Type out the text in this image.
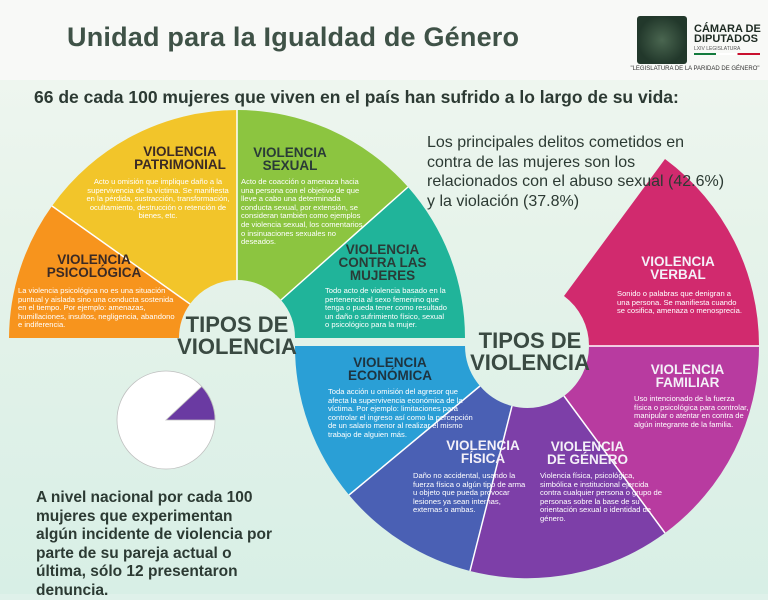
Unidad para la Igualdad de Género	CÁMARA DE DIPUTADOS
LXIV LEGISLATURA
"LEGISLATURA DE LA PARIDAD DE GÉNERO"
66 de cada 100 mujeres que viven en el país han sufrido a lo largo de su vida:
TIPOS DE VIOLENCIA	TIPOS DE VIOLENCIA
VIOLENCIA PSICOLÓGICA
La violencia psicológica no es una situación puntual y aislada sino una conducta sostenida en el tiempo. Por ejemplo: amenazas, humillaciones, insultos, negligencia, abandono e indiferencia.
VIOLENCIA PATRIMONIAL
Acto u omisión que implique daño a la supervivencia de la víctima. Se manifiesta en la pérdida, sustracción, transformación, ocultamiento, destrucción o retención de bienes, etc.
VIOLENCIA SEXUAL
Acto de coacción o amenaza hacia una persona con el objetivo de que lleve a cabo una determinada conducta sexual, por extensión, se consideran también como ejemplos de violencia sexual, los comentarios o insinuaciones sexuales no deseados.
VIOLENCIA CONTRA LAS MUJERES
Todo acto de violencia basado en la pertenencia al sexo femenino que tenga o pueda tener como resultado un daño o sufrimiento físico, sexual o psicológico para la mujer.
VIOLENCIA ECONÓMICA
Toda acción u omisión del agresor que afecta la supervivencia económica de la víctima. Por ejemplo: limitaciones para controlar el ingreso así como la percepción de un salario menor al realizar el mismo trabajo de alguien más.
VIOLENCIA FÍSICA
Daño no accidental, usando la fuerza física o algún tipo de arma u objeto que pueda provocar lesiones ya sean internas, externas o ambas.
VIOLENCIA DE GÉNERO
Violencia física, psicológica, simbólica e institucional ejercida contra cualquier persona o grupo de personas sobre la base de su orientación sexual o identidad de género.
VIOLENCIA FAMILIAR
Uso intencionado de la fuerza física o psicológica para controlar, manipular o atentar en contra de algún integrante de la familia.
VIOLENCIA VERBAL
Sonido o palabras que denigran a una persona. Se manifiesta cuando se cosifica, amenaza o menosprecia.
Los principales delitos cometidos en contra de las mujeres son los relacionados con el abuso sexual (42.6%) y la violación (37.8%)
A nivel nacional por cada 100 mujeres que experimentan algún incidente de violencia por parte de su pareja actual o última, sólo 12 presentaron denuncia.
